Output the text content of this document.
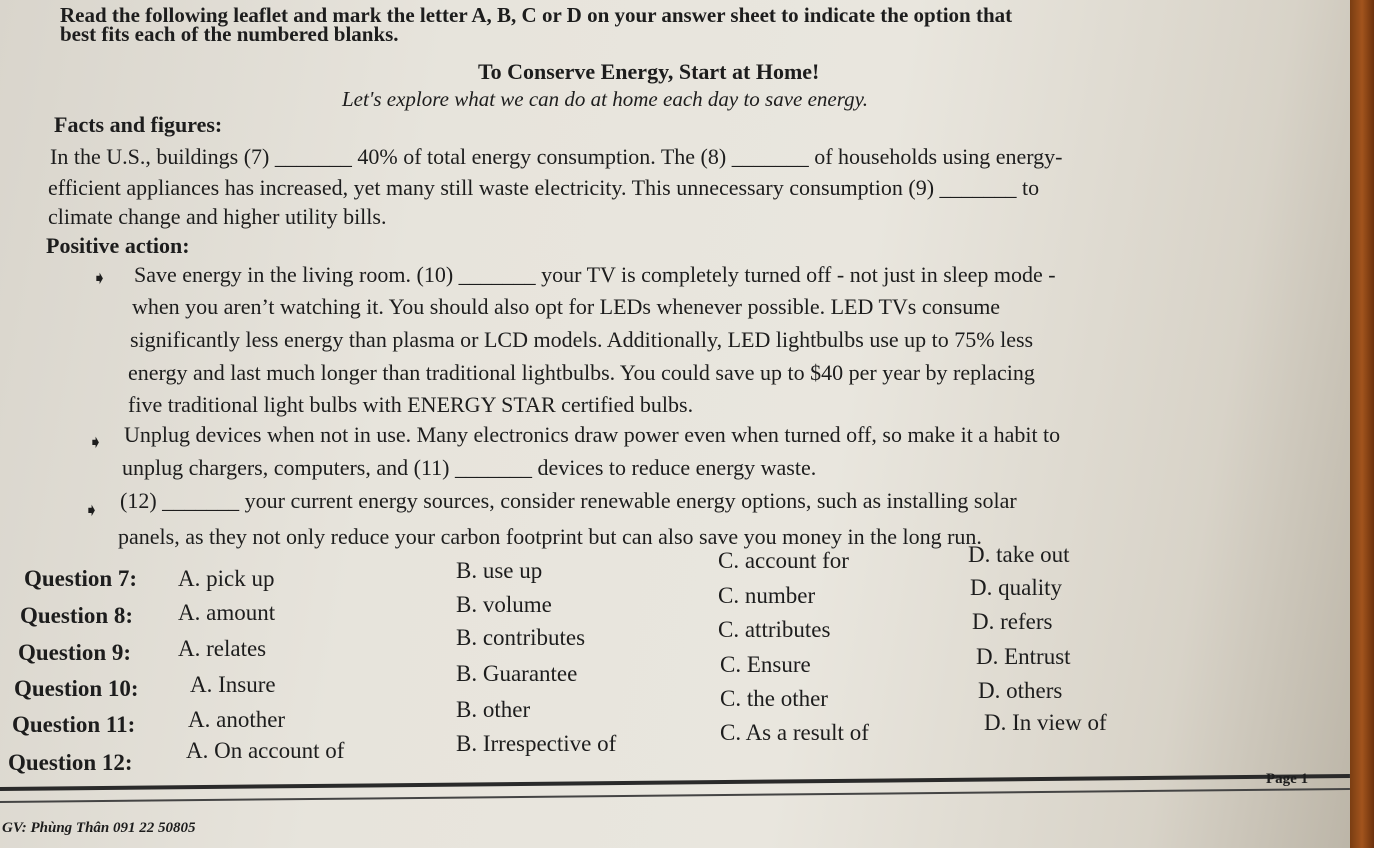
Read the following leaflet and mark the letter A, B, C or D on your answer sheet to indicate the option that
best fits each of the numbered blanks.
To Conserve Energy, Start at Home!
Let's explore what we can do at home each day to save energy.
Facts and figures:
In the U.S., buildings (7) _______ 40% of total energy consumption. The (8) _______ of households using energy-
efficient appliances has increased, yet many still waste electricity. This unnecessary consumption (9) _______ to
climate change and higher utility bills.
Positive action:
➧ Save energy in the living room. (10) _______ your TV is completely turned off - not just in sleep mode -
when you aren’t watching it. You should also opt for LEDs whenever possible. LED TVs consume
significantly less energy than plasma or LCD models. Additionally, LED lightbulbs use up to 75% less
energy and last much longer than traditional lightbulbs. You could save up to $40 per year by replacing
five traditional light bulbs with ENERGY STAR certified bulbs.
➧ Unplug devices when not in use. Many electronics draw power even when turned off, so make it a habit to
unplug chargers, computers, and (11) _______ devices to reduce energy waste.
➧ (12) _______ your current energy sources, consider renewable energy options, such as installing solar
panels, as they not only reduce your carbon footprint but can also save you money in the long run.
Question 7: A. pick up	B. use up	C. account for	D. take out
Question 8: A. amount	B. volume	C. number	D. quality
Question 9: A. relates	B. contributes	C. attributes	D. refers
Question 10: A. Insure	B. Guarantee	C. Ensure	D. Entrust
Question 11: A. another	B. other	C. the other	D. others
Question 12: A. On account of	B. Irrespective of	C. As a result of	D. In view of
Page 1
GV: Phùng Thân 091 22 50805
